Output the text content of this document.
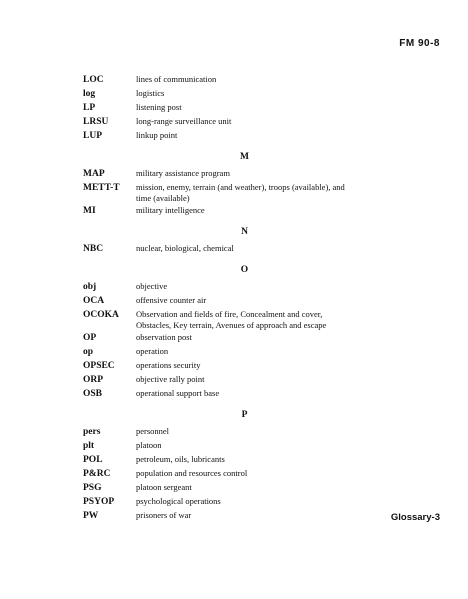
FM 90-8
LOC	lines of communication
log	logistics
LP	listening post
LRSU	long-range surveillance unit
LUP	linkup point
M
MAP	military assistance program
METT-T	mission, enemy, terrain (and weather), troops (available), and time (available)
MI	military intelligence
N
NBC	nuclear, biological, chemical
O
obj	objective
OCA	offensive counter air
OCOKA	Observation and fields of fire, Concealment and cover, Obstacles, Key terrain, Avenues of approach and escape
OP	observation post
op	operation
OPSEC	operations security
ORP	objective rally point
OSB	operational support base
P
pers	personnel
plt	platoon
POL	petroleum, oils, lubricants
P&RC	population and resources control
PSG	platoon sergeant
PSYOP	psychological operations
PW	prisoners of war	Glossary-3
